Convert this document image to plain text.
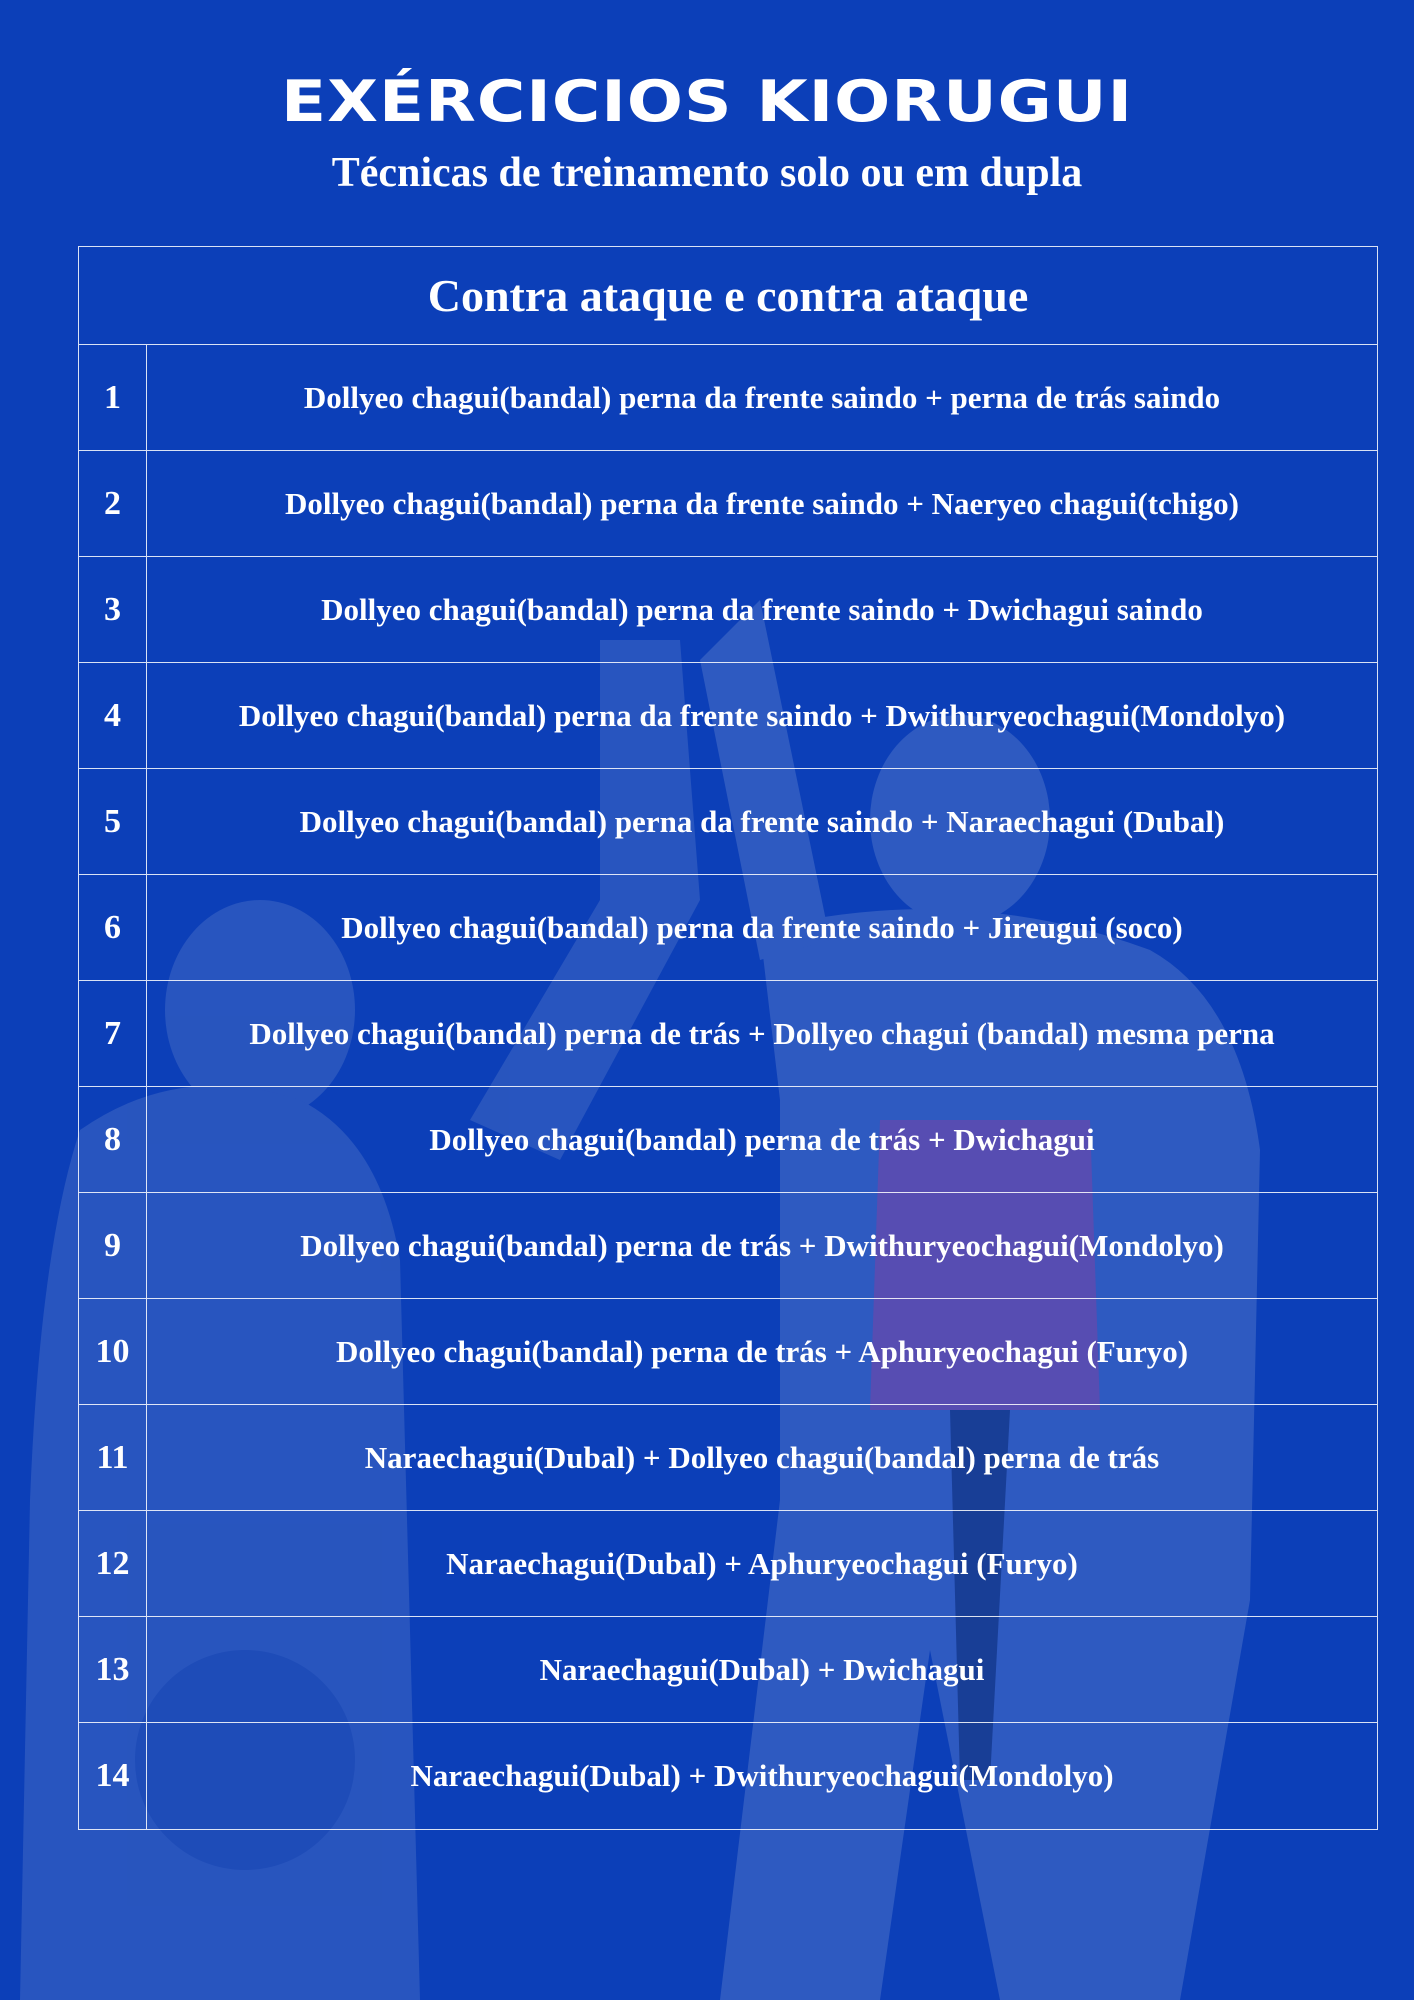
EXÉRCICIOS KIORUGUI
Técnicas de treinamento solo ou em dupla
Contra ataque e contra ataque
1	Dollyeo chagui(bandal) perna da frente saindo + perna de trás saindo
2	Dollyeo chagui(bandal) perna da frente saindo + Naeryeo chagui(tchigo)
3	Dollyeo chagui(bandal) perna da frente saindo + Dwichagui saindo
4	Dollyeo chagui(bandal) perna da frente saindo + Dwithuryeochagui(Mondolyo)
5	Dollyeo chagui(bandal) perna da frente saindo + Naraechagui (Dubal)
6	Dollyeo chagui(bandal) perna da frente saindo + Jireugui (soco)
7	Dollyeo chagui(bandal) perna de trás + Dollyeo chagui (bandal) mesma perna
8	Dollyeo chagui(bandal) perna de trás + Dwichagui
9	Dollyeo chagui(bandal) perna de trás + Dwithuryeochagui(Mondolyo)
10	Dollyeo chagui(bandal) perna de trás + Aphuryeochagui (Furyo)
11	Naraechagui(Dubal) + Dollyeo chagui(bandal) perna de trás
12	Naraechagui(Dubal) + Aphuryeochagui (Furyo)
13	Naraechagui(Dubal) + Dwichagui
14	Naraechagui(Dubal) + Dwithuryeochagui(Mondolyo)
